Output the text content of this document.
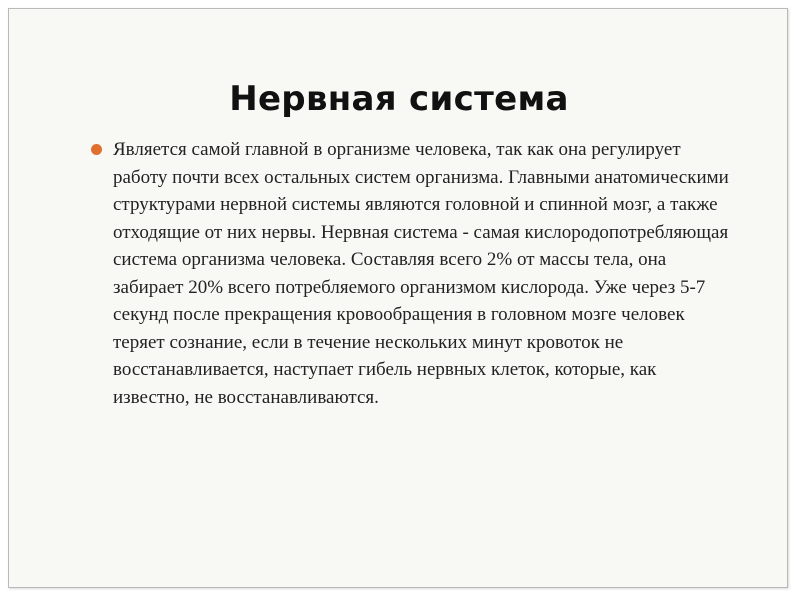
Нервная система
Является самой главной в организме человека, так как она регулирует работу почти всех остальных систем организма. Главными анатомическими структурами нервной системы являются головной и спинной мозг, а также отходящие от них нервы. Нервная система - самая кислородопотребляющая система организма человека. Составляя всего 2% от массы тела, она забирает 20% всего потребляемого организмом кислорода. Уже через 5-7 секунд после прекращения кровообращения в головном мозге человек теряет сознание, если в течение нескольких минут кровоток не восстанавливается, наступает гибель нервных клеток, которые, как известно, не восстанавливаются.
